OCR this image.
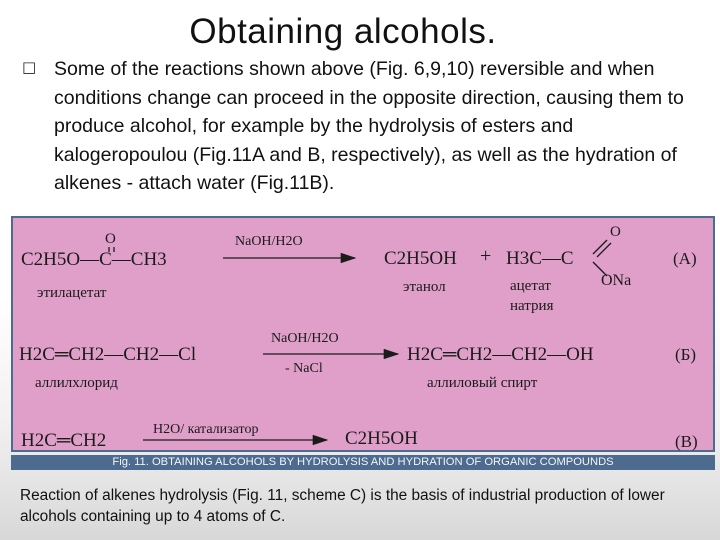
Obtaining alcohols.
□ Some of the reactions shown above (Fig. 6,9,10) reversible and when conditions change can proceed in the opposite direction, causing them to produce alcohol, for example by the hydrolysis of esters and kalogeropoulou (Fig.11A and B, respectively), as well as the hydration of alkenes - attach water (Fig.11B).
O
C2H5O—C—CH3
этилацетат
NaOH/H2O
C2H5OH +
этанол
H3C—C
O
ONa
ацетат
натрия
(А)
H2C═CH2—CH2—Cl
аллилхлорид
NaOH/H2O
- NaCl
H2C═CH2—CH2—OH
аллиловый спирт
(Б)
H2C═CH2
H2O/ катализатор	C2H5OH	(В)
Fig. 11. OBTAINING ALCOHOLS BY HYDROLYSIS AND HYDRATION OF ORGANIC COMPOUNDS
Reaction of alkenes hydrolysis (Fig. 11, scheme C) is the basis of industrial production of lower alcohols containing up to 4 atoms of C.
